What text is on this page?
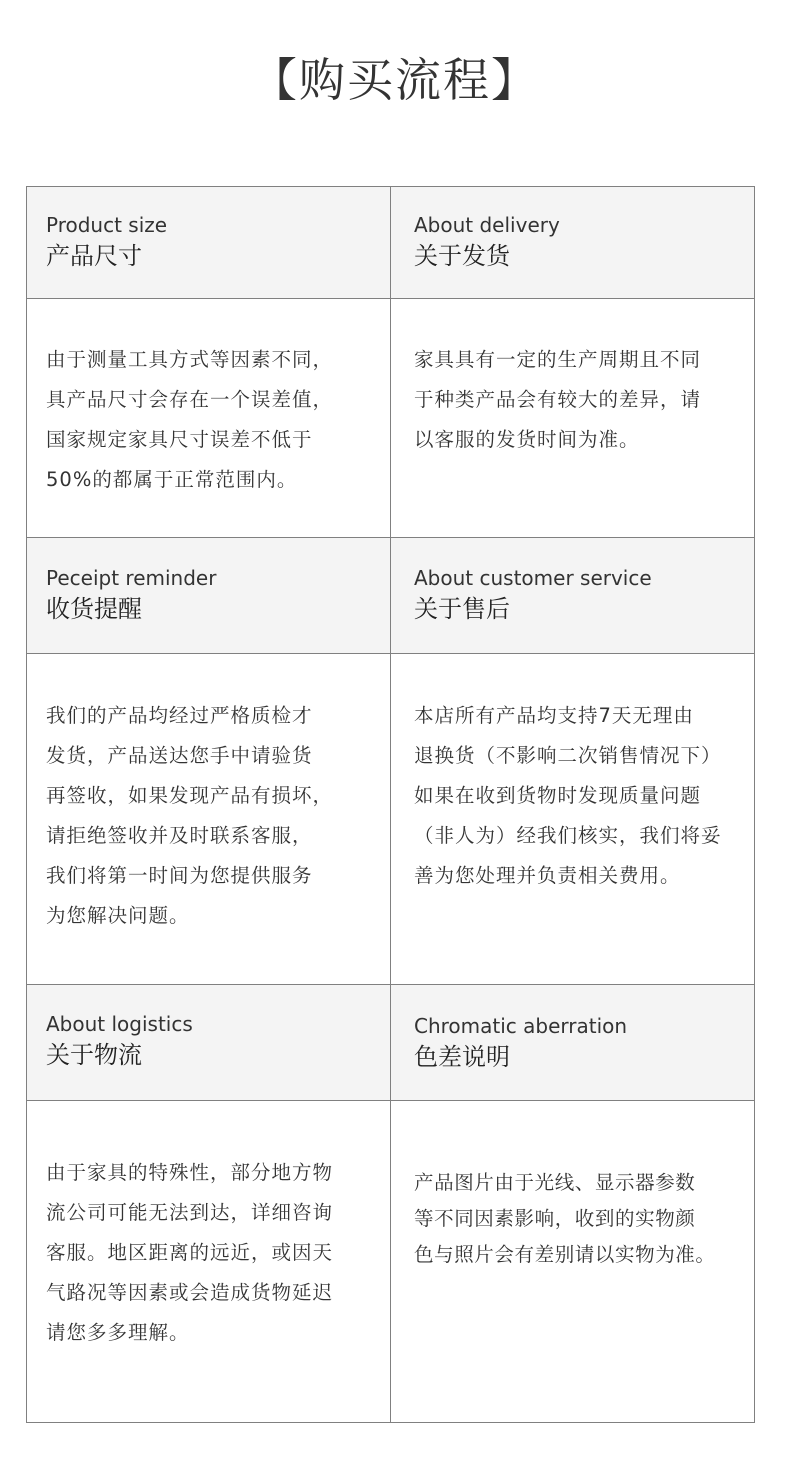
【购买流程】
Product size
产品尺寸
About delivery
关于发货
由于测量工具方式等因素不同，
具产品尺寸会存在一个误差值，
国家规定家具尺寸误差不低于
50%的都属于正常范围内。
家具具有一定的生产周期且不同
于种类产品会有较大的差异，请
以客服的发货时间为准。
Peceipt reminder
收货提醒
About customer service
关于售后
我们的产品均经过严格质检才
发货，产品送达您手中请验货
再签收，如果发现产品有损坏，
请拒绝签收并及时联系客服，
我们将第一时间为您提供服务
为您解决问题。
本店所有产品均支持7天无理由
退换货（不影响二次销售情况下）
如果在收到货物时发现质量问题
（非人为）经我们核实，我们将妥
善为您处理并负责相关费用。
About logistics
关于物流
Chromatic aberration
色差说明
由于家具的特殊性，部分地方物
流公司可能无法到达，详细咨询
客服。地区距离的远近，或因天
气路况等因素或会造成货物延迟
请您多多理解。
产品图片由于光线、显示器参数
等不同因素影响，收到的实物颜
色与照片会有差别请以实物为准。
